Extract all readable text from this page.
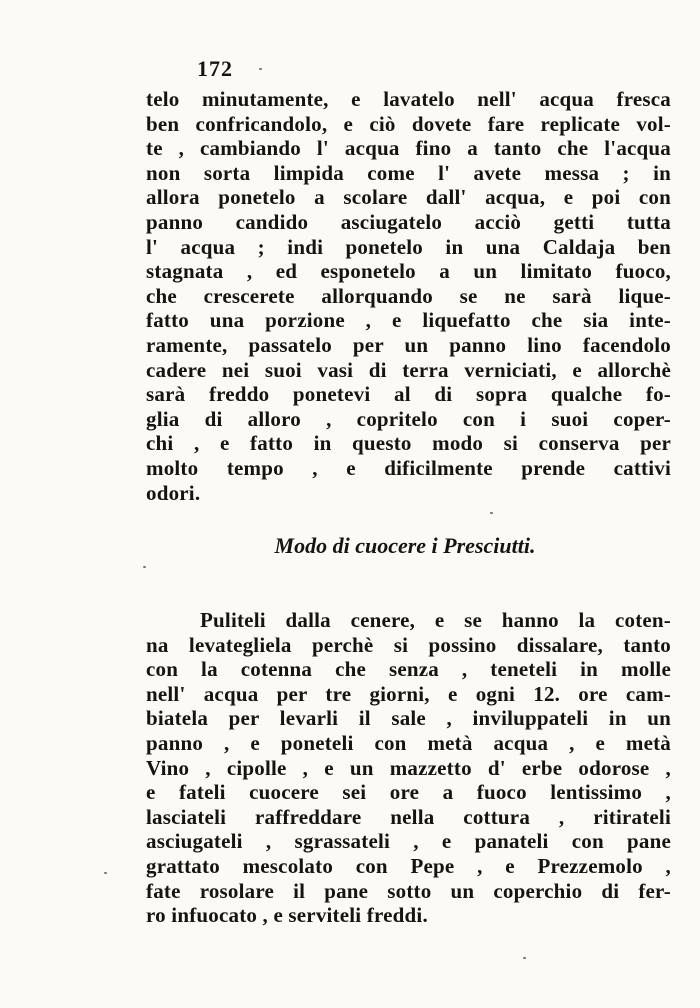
172
telo minutamente, e lavatelo nell' acqua fresca
ben confricandolo, e ciò dovete fare replicate vol-
te , cambiando l' acqua fino a tanto che l'acqua
non sorta limpida come l' avete messa ; in
allora ponetelo a scolare dall' acqua, e poi con
panno candido asciugatelo acciò getti tutta
l' acqua ; indi ponetelo in una Caldaja ben
stagnata , ed esponetelo a un limitato fuoco,
che crescerete allorquando se ne sarà lique-
fatto una porzione , e liquefatto che sia inte-
ramente, passatelo per un panno lino facendolo
cadere nei suoi vasi di terra verniciati, e allorchè
sarà freddo ponetevi al di sopra qualche fo-
glia di alloro , copritelo con i suoi coper-
chi , e fatto in questo modo si conserva per
molto tempo , e dificilmente prende cattivi
odori.
Modo di cuocere i Presciutti.
Puliteli dalla cenere, e se hanno la coten-
na levategliela perchè si possino dissalare, tanto
con la cotenna che senza , teneteli in molle
nell' acqua per tre giorni, e ogni 12. ore cam-
biatela per levarli il sale , inviluppateli in un
panno , e poneteli con metà acqua , e metà
Vino , cipolle , e un mazzetto d' erbe odorose ,
e fateli cuocere sei ore a fuoco lentissimo ,
lasciateli raffreddare nella cottura , ritirateli
asciugateli , sgrassateli , e panateli con pane
grattato mescolato con Pepe , e Prezzemolo ,
fate rosolare il pane sotto un coperchio di fer-
ro infuocato , e serviteli freddi.
